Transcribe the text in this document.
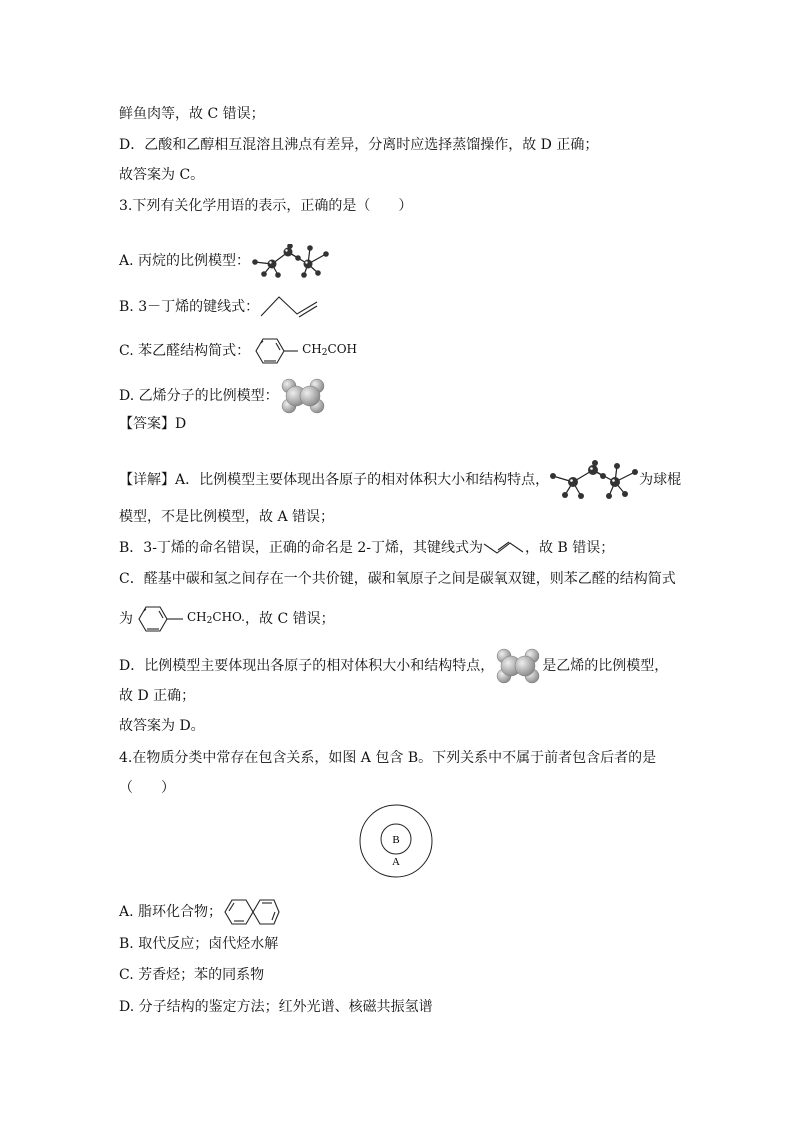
鲜鱼肉等，故 C 错误；
D．乙酸和乙醇相互混溶且沸点有差异，分离时应选择蒸馏操作，故 D 正确；
故答案为 C。
3.下列有关化学用语的表示，正确的是（　　）
A. 丙烷的比例模型：
B. 3－丁烯的键线式：
C. 苯乙醛结构简式：	$CH_2COH$
D. 乙烯分子的比例模型：
【答案】D
【详解】A．比例模型主要体现出各原子的相对体积大小和结构特点，	为球棍
模型，不是比例模型，故 A 错误；
B．3-丁烯的命名错误，正确的命名是 2-丁烯，其键线式为	，故 B 错误；
C．醛基中碳和氢之间存在一个共价键，碳和氧原子之间是碳氧双键，则苯乙醛的结构简式
为	$CH_2CHO$. ，故 C 错误；
D．比例模型主要体现出各原子的相对体积大小和结构特点，	是乙烯的比例模型，
故 D 正确；
故答案为 D。
4.在物质分类中常存在包含关系，如图 A 包含 B。下列关系中不属于前者包含后者的是
（　　）
B
A
A. 脂环化合物；
B. 取代反应；卤代烃水解
C. 芳香烃；苯的同系物
D. 分子结构的鉴定方法；红外光谱、核磁共振氢谱
